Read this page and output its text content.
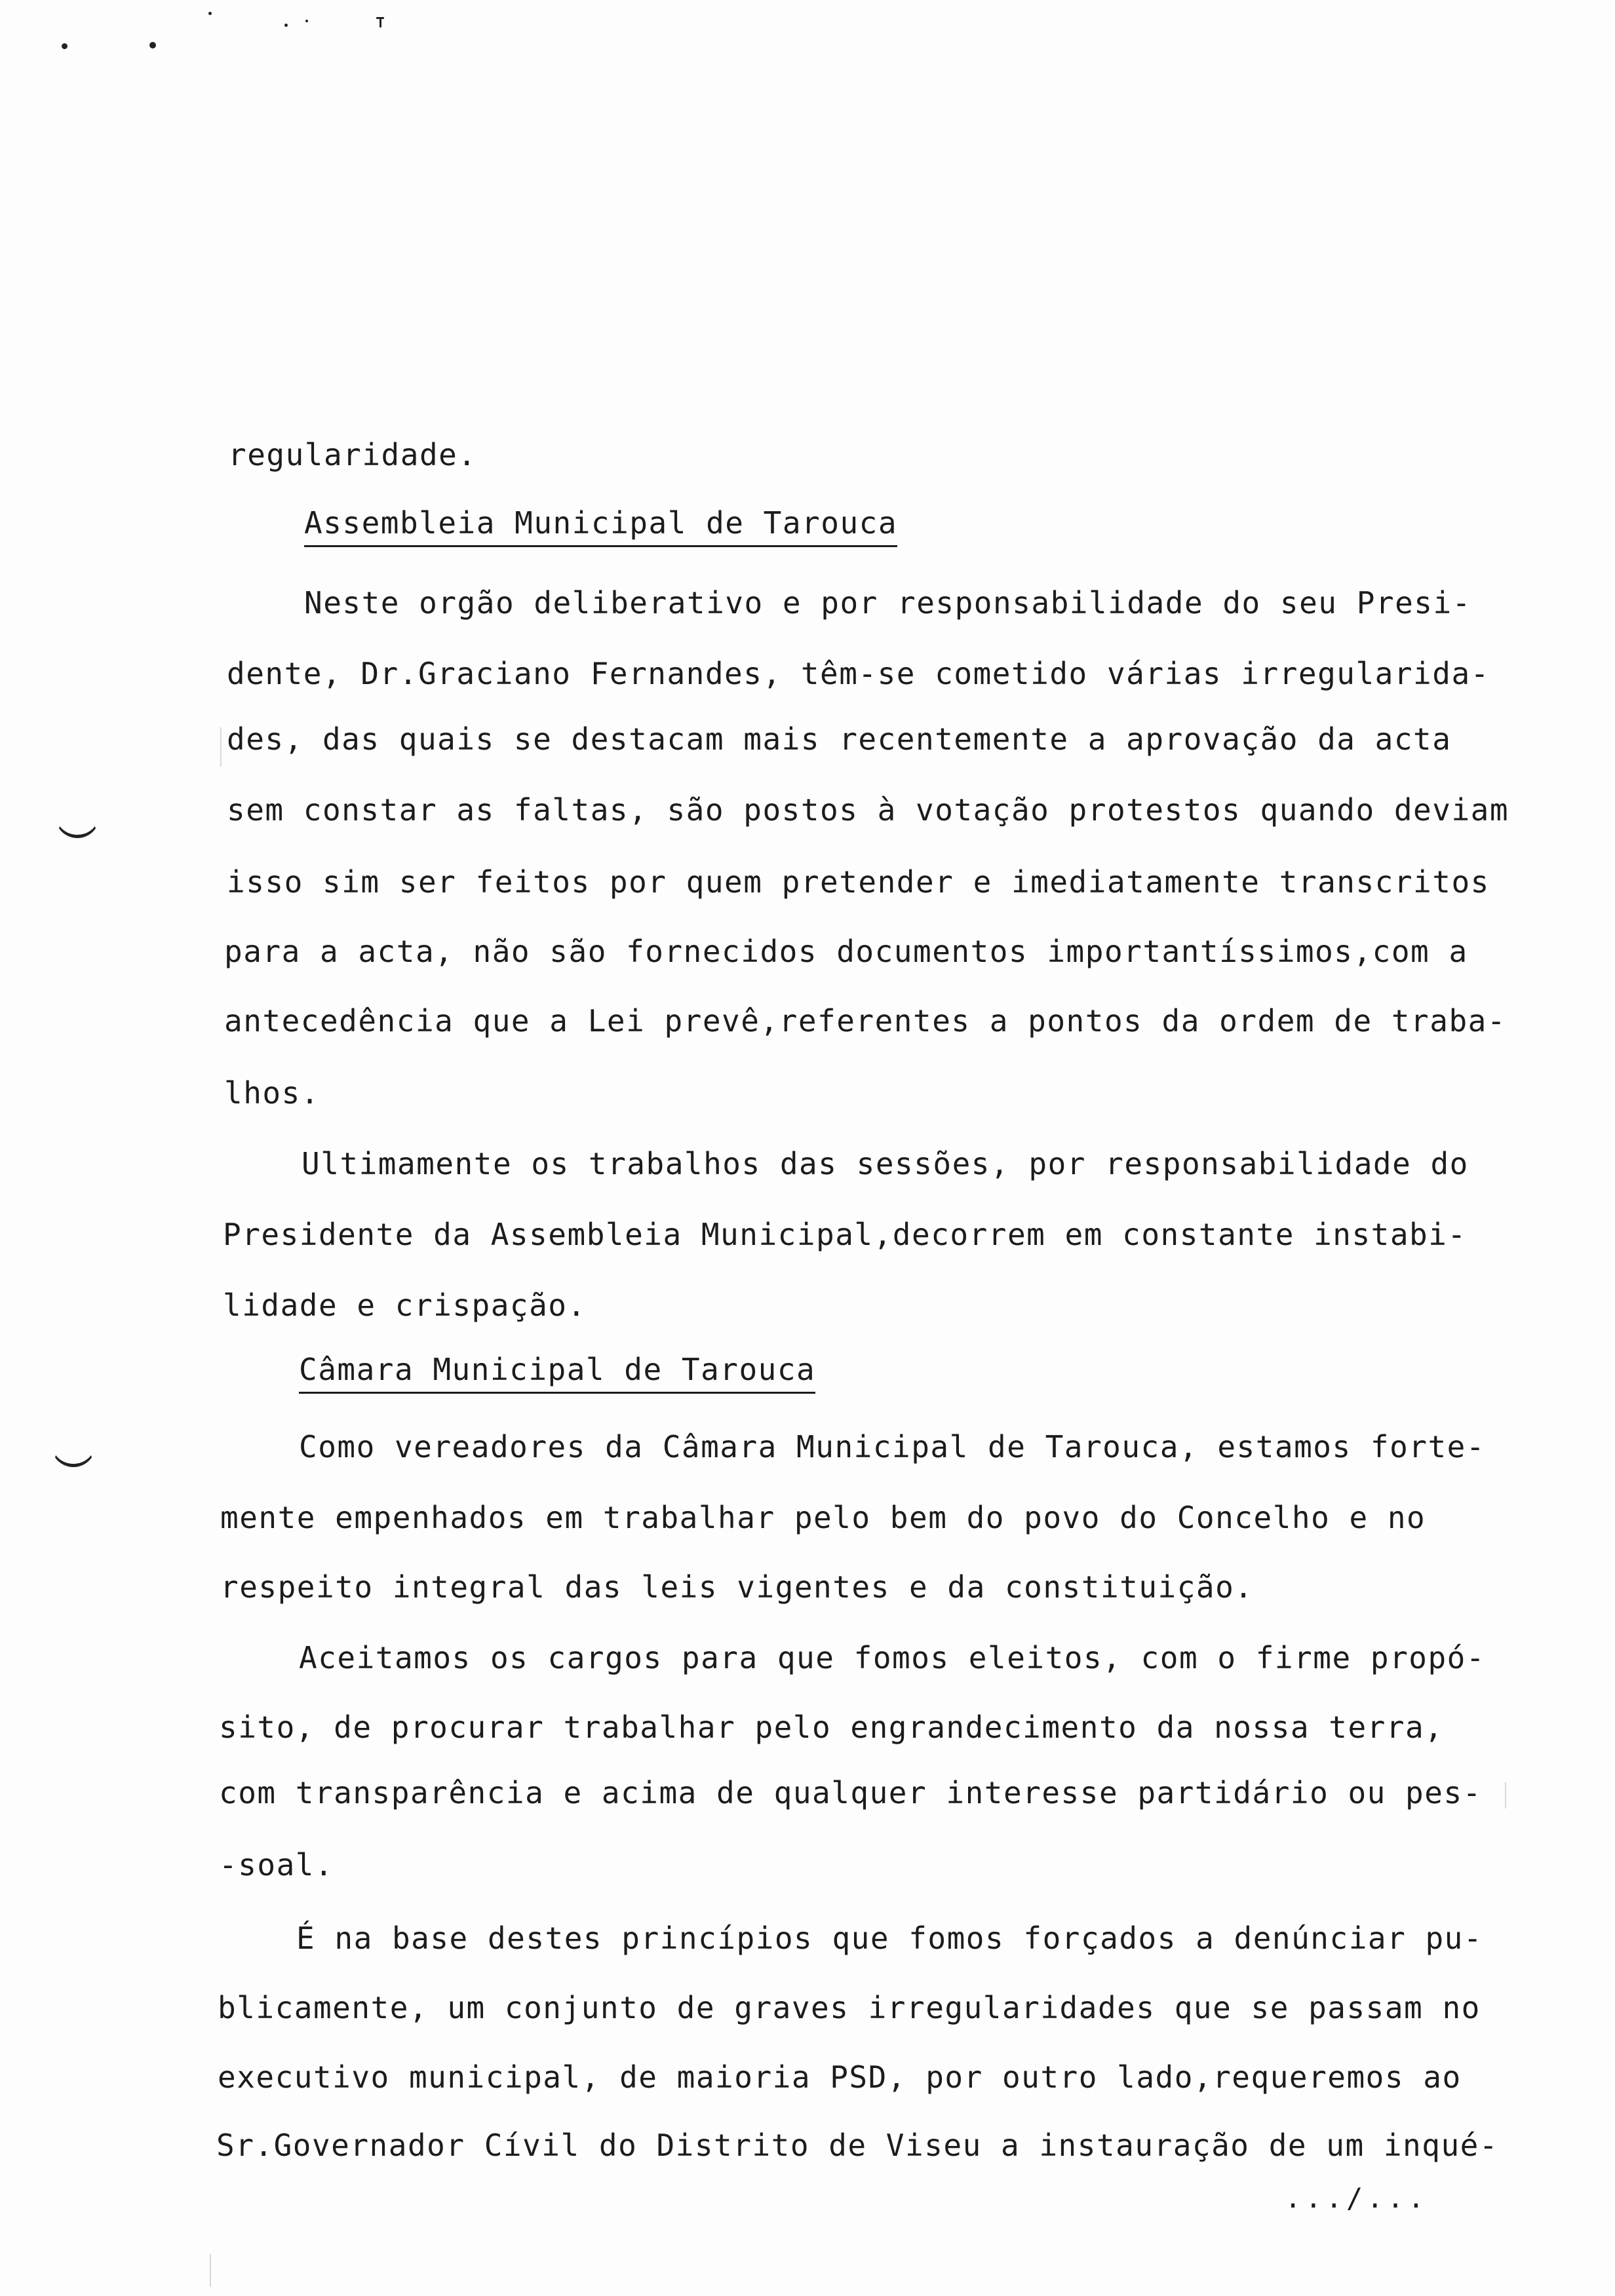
regularidade.
Assembleia Municipal de Tarouca
Neste orgão deliberativo e por responsabilidade do seu Presi-
dente, Dr.Graciano Fernandes, têm-se cometido várias irregularida-
des, das quais se destacam mais recentemente a aprovação da acta
sem constar as faltas, são postos à votação protestos quando deviam
isso sim ser feitos por quem pretender e imediatamente transcritos
para a acta, não são fornecidos documentos importantíssimos,com a
antecedência que a Lei prevê,referentes a pontos da ordem de traba-
lhos.
Ultimamente os trabalhos das sessões, por responsabilidade do
Presidente da Assembleia Municipal,decorrem em constante instabi-
lidade e crispação.
Câmara Municipal de Tarouca
Como vereadores da Câmara Municipal de Tarouca, estamos forte-
mente empenhados em trabalhar pelo bem do povo do Concelho e no
respeito integral das leis vigentes e da constituição.
Aceitamos os cargos para que fomos eleitos, com o firme propó-
sito, de procurar trabalhar pelo engrandecimento da nossa terra,
com transparência e acima de qualquer interesse partidário ou pes-
-soal.
É na base destes princípios que fomos forçados a denúnciar pu-
blicamente, um conjunto de graves irregularidades que se passam no
executivo municipal, de maioria PSD, por outro lado,requeremos ao
Sr.Governador Cívil do Distrito de Viseu a instauração de um inqué-
.../...
